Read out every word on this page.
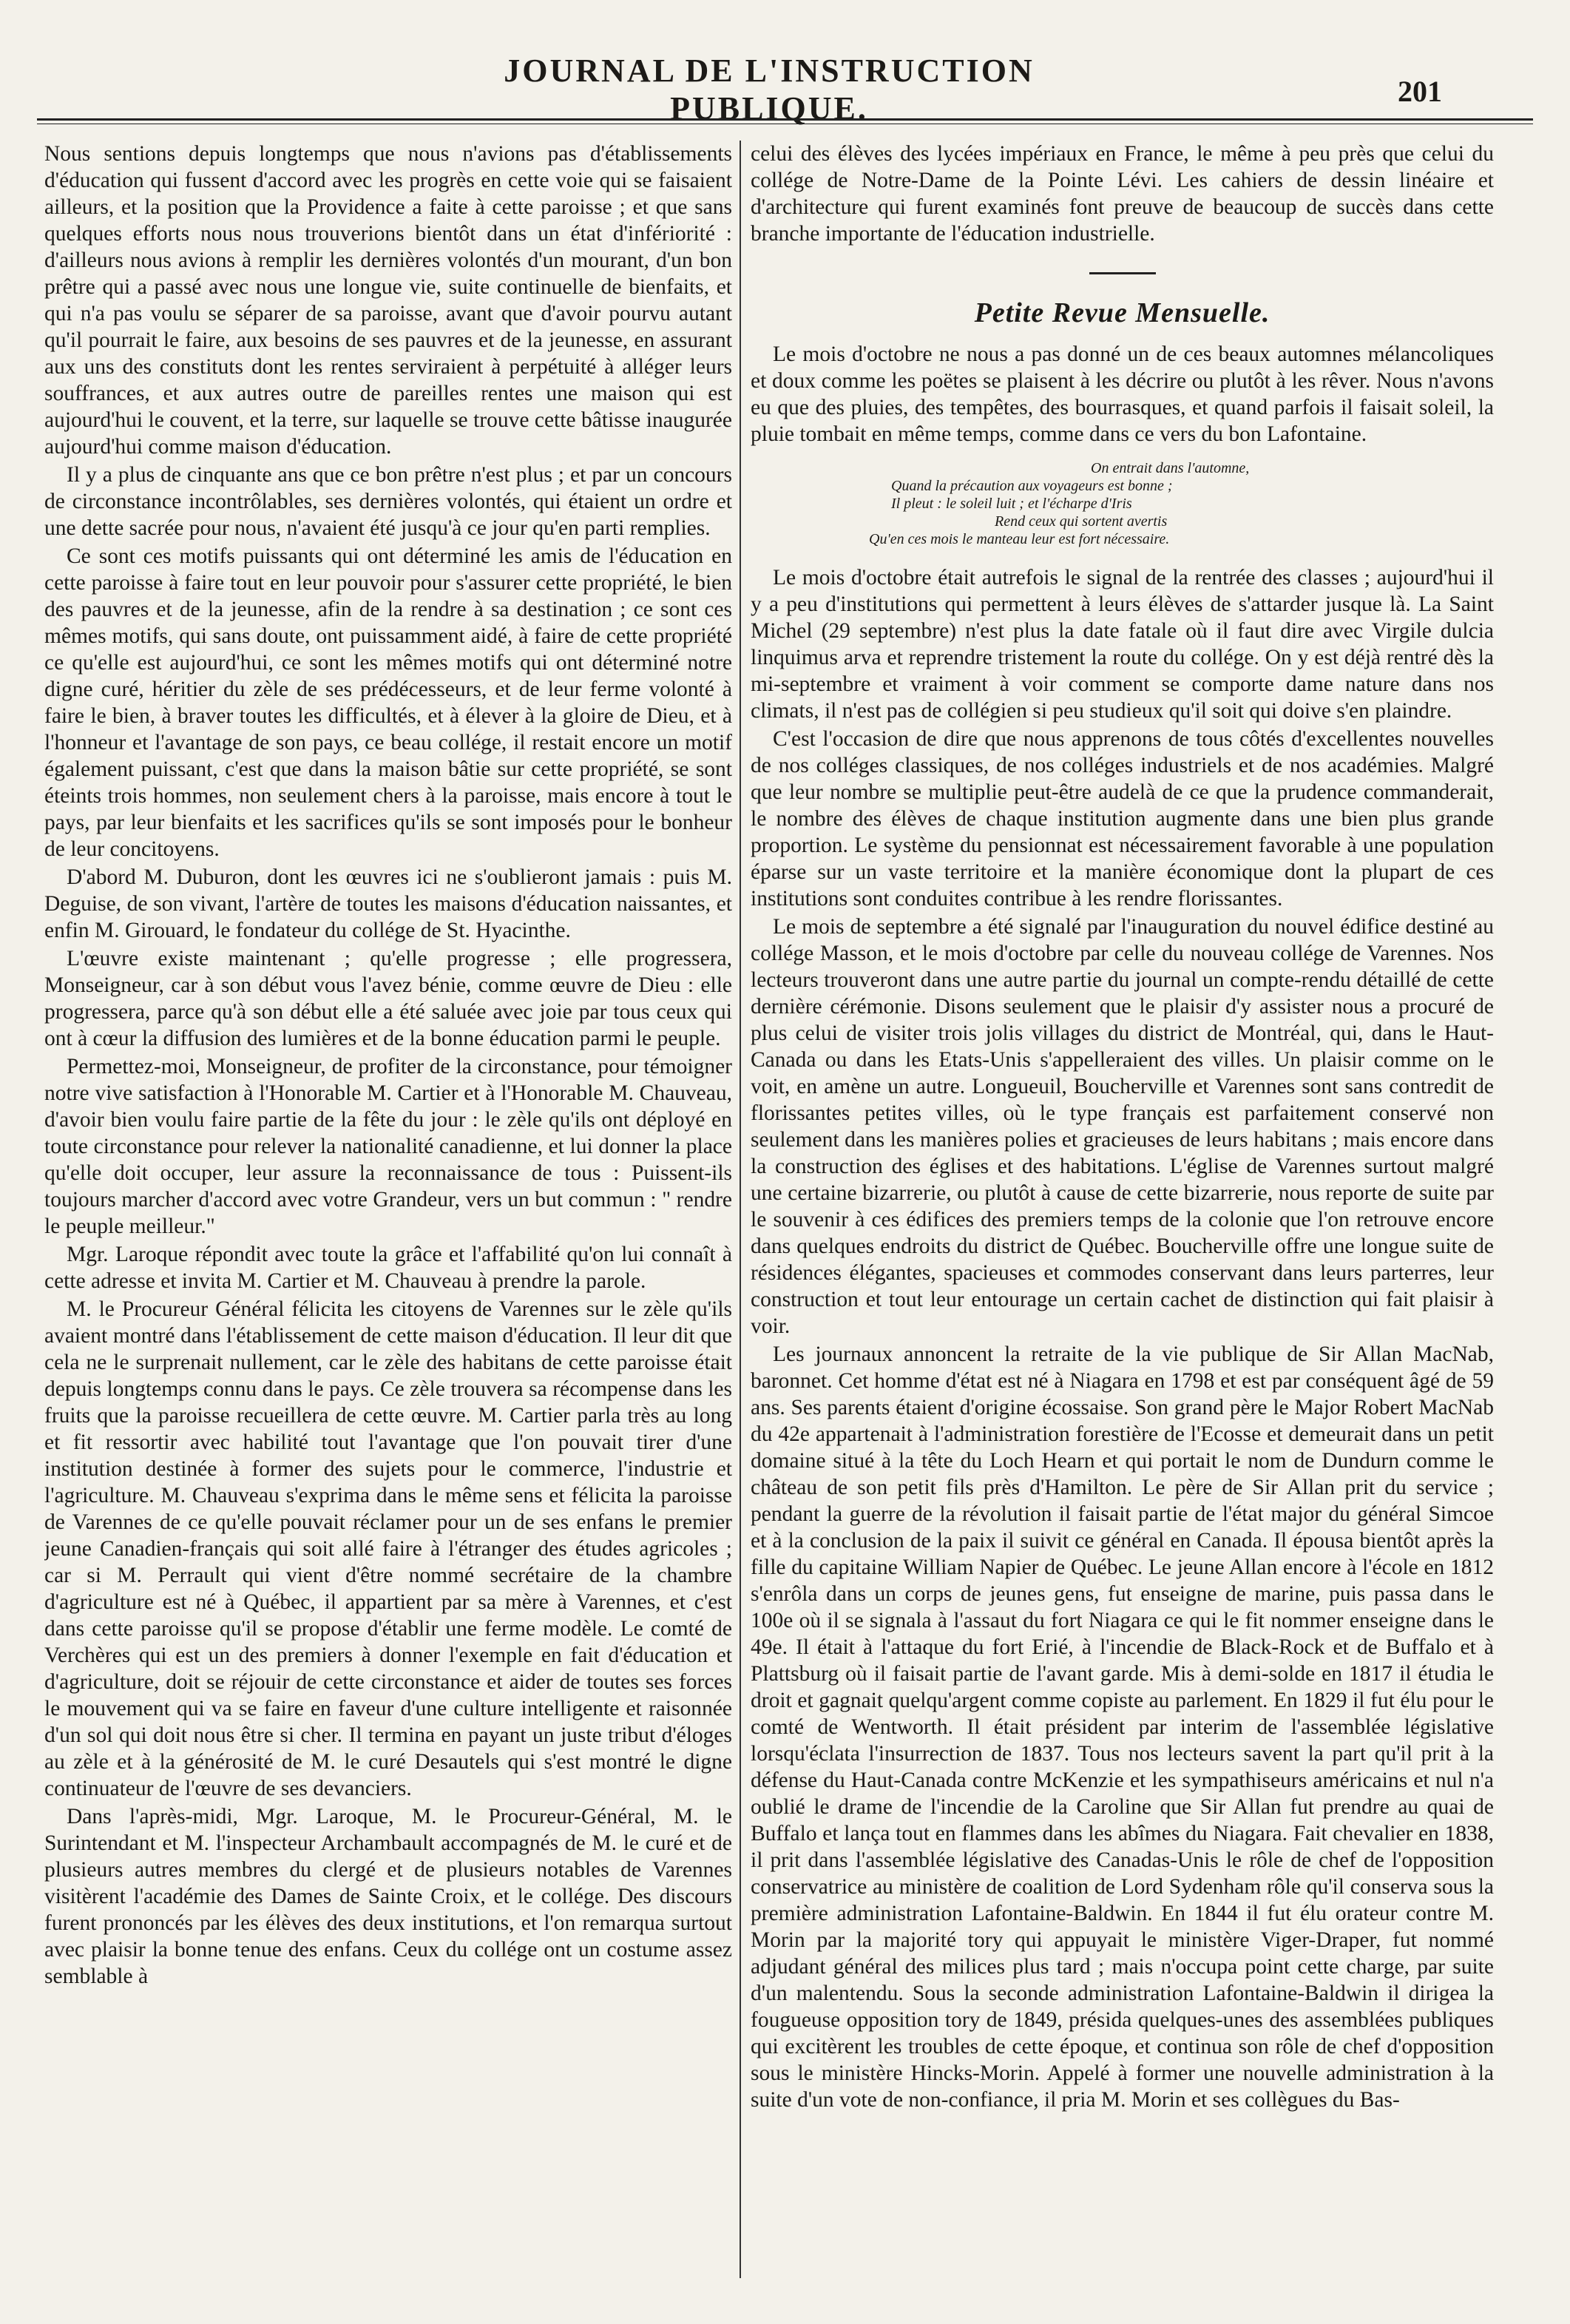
JOURNAL DE L'INSTRUCTION PUBLIQUE.	201

Nous sentions depuis longtemps que nous n'avions pas d'établissements d'éducation qui fussent d'accord avec les progrès en cette voie qui se faisaient ailleurs, et la position que la Providence a faite à cette paroisse ; et que sans quelques efforts nous nous trouverions bientôt dans un état d'infériorité : d'ailleurs nous avions à remplir les dernières volontés d'un mourant, d'un bon prêtre qui a passé avec nous une longue vie, suite continuelle de bienfaits, et qui n'a pas voulu se séparer de sa paroisse, avant que d'avoir pourvu autant qu'il pourrait le faire, aux besoins de ses pauvres et de la jeunesse, en assurant aux uns des constituts dont les rentes serviraient à perpétuité à alléger leurs souffrances, et aux autres outre de pareilles rentes une maison qui est aujourd'hui le couvent, et la terre, sur laquelle se trouve cette bâtisse inaugurée aujourd'hui comme maison d'éducation.

Il y a plus de cinquante ans que ce bon prêtre n'est plus ; et par un concours de circonstance incontrôlables, ses dernières volontés, qui étaient un ordre et une dette sacrée pour nous, n'avaient été jusqu'à ce jour qu'en parti remplies.

Ce sont ces motifs puissants qui ont déterminé les amis de l'éducation en cette paroisse à faire tout en leur pouvoir pour s'assurer cette propriété, le bien des pauvres et de la jeunesse, afin de la rendre à sa destination ; ce sont ces mêmes motifs, qui sans doute, ont puissamment aidé, à faire de cette propriété ce qu'elle est aujourd'hui, ce sont les mêmes motifs qui ont déterminé notre digne curé, héritier du zèle de ses prédécesseurs, et de leur ferme volonté à faire le bien, à braver toutes les difficultés, et à élever à la gloire de Dieu, et à l'honneur et l'avantage de son pays, ce beau collége, il restait encore un motif également puissant, c'est que dans la maison bâtie sur cette propriété, se sont éteints trois hommes, non seulement chers à la paroisse, mais encore à tout le pays, par leur bienfaits et les sacrifices qu'ils se sont imposés pour le bonheur de leur concitoyens.

D'abord M. Duburon, dont les œuvres ici ne s'oublieront jamais : puis M. Deguise, de son vivant, l'artère de toutes les maisons d'éducation naissantes, et enfin M. Girouard, le fondateur du collége de St. Hyacinthe.

L'œuvre existe maintenant ; qu'elle progresse ; elle progressera, Monseigneur, car à son début vous l'avez bénie, comme œuvre de Dieu : elle progressera, parce qu'à son début elle a été saluée avec joie par tous ceux qui ont à cœur la diffusion des lumières et de la bonne éducation parmi le peuple.

Permettez-moi, Monseigneur, de profiter de la circonstance, pour témoigner notre vive satisfaction à l'Honorable M. Cartier et à l'Honorable M. Chauveau, d'avoir bien voulu faire partie de la fête du jour : le zèle qu'ils ont déployé en toute circonstance pour relever la nationalité canadienne, et lui donner la place qu'elle doit occuper, leur assure la reconnaissance de tous : Puissent-ils toujours marcher d'accord avec votre Grandeur, vers un but commun : " rendre le peuple meilleur."

Mgr. Laroque répondit avec toute la grâce et l'affabilité qu'on lui connaît à cette adresse et invita M. Cartier et M. Chauveau à prendre la parole.

M. le Procureur Général félicita les citoyens de Varennes sur le zèle qu'ils avaient montré dans l'établissement de cette maison d'éducation. Il leur dit que cela ne le surprenait nullement, car le zèle des habitans de cette paroisse était depuis longtemps connu dans le pays. Ce zèle trouvera sa récompense dans les fruits que la paroisse recueillera de cette œuvre. M. Cartier parla très au long et fit ressortir avec habilité tout l'avantage que l'on pouvait tirer d'une institution destinée à former des sujets pour le commerce, l'industrie et l'agriculture. M. Chauveau s'exprima dans le même sens et félicita la paroisse de Varennes de ce qu'elle pouvait réclamer pour un de ses enfans le premier jeune Canadien-français qui soit allé faire à l'étranger des études agricoles ; car si M. Perrault qui vient d'être nommé secrétaire de la chambre d'agriculture est né à Québec, il appartient par sa mère à Varennes, et c'est dans cette paroisse qu'il se propose d'établir une ferme modèle. Le comté de Verchères qui est un des premiers à donner l'exemple en fait d'éducation et d'agriculture, doit se réjouir de cette circonstance et aider de toutes ses forces le mouvement qui va se faire en faveur d'une culture intelligente et raisonnée d'un sol qui doit nous être si cher. Il termina en payant un juste tribut d'éloges au zèle et à la générosité de M. le curé Desautels qui s'est montré le digne continuateur de l'œuvre de ses devanciers.

Dans l'après-midi, Mgr. Laroque, M. le Procureur-Général, M. le Surintendant et M. l'inspecteur Archambault accompagnés de M. le curé et de plusieurs autres membres du clergé et de plusieurs notables de Varennes visitèrent l'académie des Dames de Sainte Croix, et le collége. Des discours furent prononcés par les élèves des deux institutions, et l'on remarqua surtout avec plaisir la bonne tenue des enfans. Ceux du collége ont un costume assez semblable à

celui des élèves des lycées impériaux en France, le même à peu près que celui du collége de Notre-Dame de la Pointe Lévi. Les cahiers de dessin linéaire et d'architecture qui furent examinés font preuve de beaucoup de succès dans cette branche importante de l'éducation industrielle.

Petite Revue Mensuelle.

Le mois d'octobre ne nous a pas donné un de ces beaux automnes mélancoliques et doux comme les poëtes se plaisent à les décrire ou plutôt à les rêver. Nous n'avons eu que des pluies, des tempêtes, des bourrasques, et quand parfois il faisait soleil, la pluie tombait en même temps, comme dans ce vers du bon Lafontaine.

On entrait dans l'automne,
Quand la précaution aux voyageurs est bonne ;
Il pleut : le soleil luit ; et l'écharpe d'Iris
Rend ceux qui sortent avertis
Qu'en ces mois le manteau leur est fort nécessaire.

Le mois d'octobre était autrefois le signal de la rentrée des classes ; aujourd'hui il y a peu d'institutions qui permettent à leurs élèves de s'attarder jusque là. La Saint Michel (29 septembre) n'est plus la date fatale où il faut dire avec Virgile dulcia linquimus arva et reprendre tristement la route du collége. On y est déjà rentré dès la mi-septembre et vraiment à voir comment se comporte dame nature dans nos climats, il n'est pas de collégien si peu studieux qu'il soit qui doive s'en plaindre.

C'est l'occasion de dire que nous apprenons de tous côtés d'excellentes nouvelles de nos colléges classiques, de nos colléges industriels et de nos académies. Malgré que leur nombre se multiplie peut-être audelà de ce que la prudence commanderait, le nombre des élèves de chaque institution augmente dans une bien plus grande proportion. Le système du pensionnat est nécessairement favorable à une population éparse sur un vaste territoire et la manière économique dont la plupart de ces institutions sont conduites contribue à les rendre florissantes.

Le mois de septembre a été signalé par l'inauguration du nouvel édifice destiné au collége Masson, et le mois d'octobre par celle du nouveau collége de Varennes. Nos lecteurs trouveront dans une autre partie du journal un compte-rendu détaillé de cette dernière cérémonie. Disons seulement que le plaisir d'y assister nous a procuré de plus celui de visiter trois jolis villages du district de Montréal, qui, dans le Haut-Canada ou dans les Etats-Unis s'appelleraient des villes. Un plaisir comme on le voit, en amène un autre. Longueuil, Boucherville et Varennes sont sans contredit de florissantes petites villes, où le type français est parfaitement conservé non seulement dans les manières polies et gracieuses de leurs habitans ; mais encore dans la construction des églises et des habitations. L'église de Varennes surtout malgré une certaine bizarrerie, ou plutôt à cause de cette bizarrerie, nous reporte de suite par le souvenir à ces édifices des premiers temps de la colonie que l'on retrouve encore dans quelques endroits du district de Québec. Boucherville offre une longue suite de résidences élégantes, spacieuses et commodes conservant dans leurs parterres, leur construction et tout leur entourage un certain cachet de distinction qui fait plaisir à voir.

Les journaux annoncent la retraite de la vie publique de Sir Allan MacNab, baronnet. Cet homme d'état est né à Niagara en 1798 et est par conséquent âgé de 59 ans. Ses parents étaient d'origine écossaise. Son grand père le Major Robert MacNab du 42e appartenait à l'administration forestière de l'Ecosse et demeurait dans un petit domaine situé à la tête du Loch Hearn et qui portait le nom de Dundurn comme le château de son petit fils près d'Hamilton. Le père de Sir Allan prit du service ; pendant la guerre de la révolution il faisait partie de l'état major du général Simcoe et à la conclusion de la paix il suivit ce général en Canada. Il épousa bientôt après la fille du capitaine William Napier de Québec. Le jeune Allan encore à l'école en 1812 s'enrôla dans un corps de jeunes gens, fut enseigne de marine, puis passa dans le 100e où il se signala à l'assaut du fort Niagara ce qui le fit nommer enseigne dans le 49e. Il était à l'attaque du fort Erié, à l'incendie de Black-Rock et de Buffalo et à Plattsburg où il faisait partie de l'avant garde. Mis à demi-solde en 1817 il étudia le droit et gagnait quelqu'argent comme copiste au parlement. En 1829 il fut élu pour le comté de Wentworth. Il était président par interim de l'assemblée législative lorsqu'éclata l'insurrection de 1837. Tous nos lecteurs savent la part qu'il prit à la défense du Haut-Canada contre McKenzie et les sympathiseurs américains et nul n'a oublié le drame de l'incendie de la Caroline que Sir Allan fut prendre au quai de Buffalo et lança tout en flammes dans les abîmes du Niagara. Fait chevalier en 1838, il prit dans l'assemblée législative des Canadas-Unis le rôle de chef de l'opposition conservatrice au ministère de coalition de Lord Sydenham rôle qu'il conserva sous la première administration Lafontaine-Baldwin. En 1844 il fut élu orateur contre M. Morin par la majorité tory qui appuyait le ministère Viger-Draper, fut nommé adjudant général des milices plus tard ; mais n'occupa point cette charge, par suite d'un malentendu. Sous la seconde administration Lafontaine-Baldwin il dirigea la fougueuse opposition tory de 1849, présida quelques-unes des assemblées publiques qui excitèrent les troubles de cette époque, et continua son rôle de chef d'opposition sous le ministère Hincks-Morin. Appelé à former une nouvelle administration à la suite d'un vote de non-confiance, il pria M. Morin et ses collègues du Bas-
